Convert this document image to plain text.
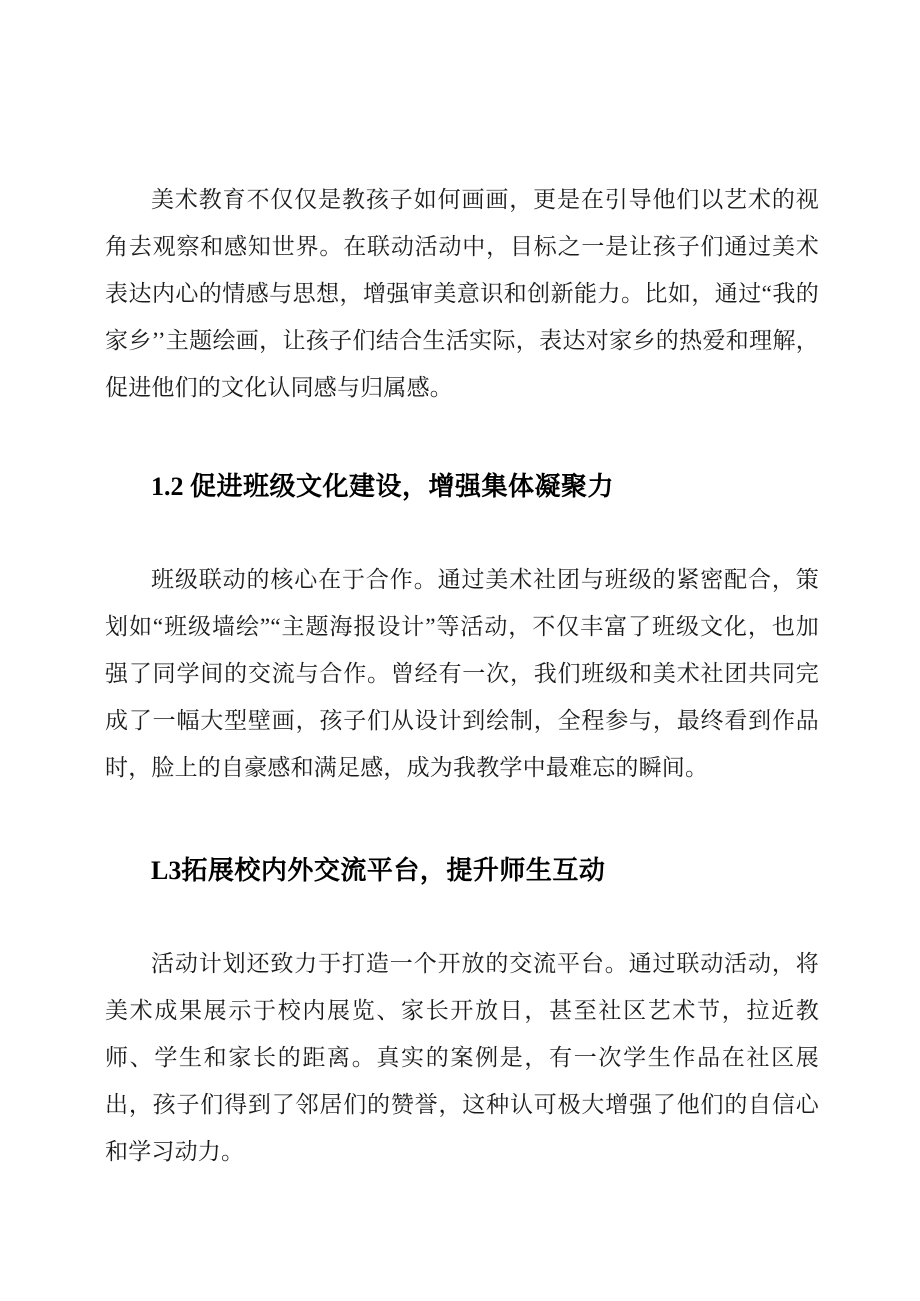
美术教育不仅仅是教孩子如何画画，更是在引导他们以艺术的视角去观察和感知世界。在联动活动中，目标之一是让孩子们通过美术表达内心的情感与思想，增强审美意识和创新能力。比如，通过“我的家乡’’主题绘画，让孩子们结合生活实际，表达对家乡的热爱和理解，促进他们的文化认同感与归属感。

1.2 促进班级文化建设，增强集体凝聚力

班级联动的核心在于合作。通过美术社团与班级的紧密配合，策划如“班级墙绘”“主题海报设计”等活动，不仅丰富了班级文化，也加强了同学间的交流与合作。曾经有一次，我们班级和美术社团共同完成了一幅大型壁画，孩子们从设计到绘制，全程参与，最终看到作品时，脸上的自豪感和满足感，成为我教学中最难忘的瞬间。

L3拓展校内外交流平台，提升师生互动

活动计划还致力于打造一个开放的交流平台。通过联动活动，将美术成果展示于校内展览、家长开放日，甚至社区艺术节，拉近教师、学生和家长的距离。真实的案例是，有一次学生作品在社区展出，孩子们得到了邻居们的赞誉，这种认可极大增强了他们的自信心和学习动力。
